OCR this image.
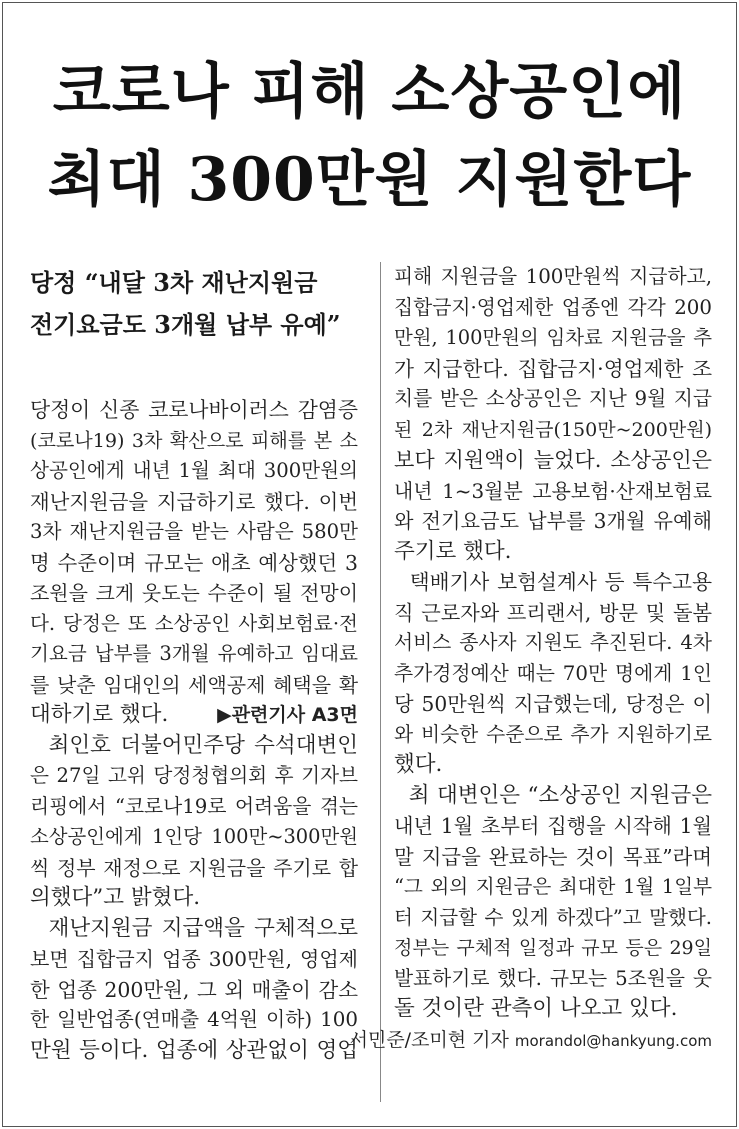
코로나 피해 소상공인에
최대 300만원 지원한다
당정 “내달 3차 재난지원금
전기요금도 3개월 납부 유예”
당정이 신종 코로나바이러스 감염증
(코로나19) 3차 확산으로 피해를 본 소
상공인에게 내년 1월 최대 300만원의
재난지원금을 지급하기로 했다. 이번
3차 재난지원금을 받는 사람은 580만
명 수준이며 규모는 애초 예상했던 3
조원을 크게 웃도는 수준이 될 전망이
다. 당정은 또 소상공인 사회보험료·전
기요금 납부를 3개월 유예하고 임대료
를 낮춘 임대인의 세액공제 혜택을 확
대하기로 했다.	▶관련기사 A3면
최인호 더불어민주당 수석대변인
은 27일 고위 당정청협의회 후 기자브
리핑에서 “코로나19로 어려움을 겪는
소상공인에게 1인당 100만~300만원
씩 정부 재정으로 지원금을 주기로 합
의했다”고 밝혔다.
재난지원금 지급액을 구체적으로
보면 집합금지 업종 300만원, 영업제
한 업종 200만원, 그 외 매출이 감소
한 일반업종(연매출 4억원 이하) 100
만원 등이다. 업종에 상관없이 영업
피해 지원금을 100만원씩 지급하고,
집합금지·영업제한 업종엔 각각 200
만원, 100만원의 임차료 지원금을 추
가 지급한다. 집합금지·영업제한 조
치를 받은 소상공인은 지난 9월 지급
된 2차 재난지원금(150만~200만원)
보다 지원액이 늘었다. 소상공인은
내년 1~3월분 고용보험·산재보험료
와 전기요금도 납부를 3개월 유예해
주기로 했다.
택배기사 보험설계사 등 특수고용
직 근로자와 프리랜서, 방문 및 돌봄
서비스 종사자 지원도 추진된다. 4차
추가경정예산 때는 70만 명에게 1인
당 50만원씩 지급했는데, 당정은 이
와 비슷한 수준으로 추가 지원하기로
했다.
최 대변인은 “소상공인 지원금은
내년 1월 초부터 집행을 시작해 1월
말 지급을 완료하는 것이 목표”라며
“그 외의 지원금은 최대한 1월 1일부
터 지급할 수 있게 하겠다”고 말했다.
정부는 구체적 일정과 규모 등은 29일
발표하기로 했다. 규모는 5조원을 웃
돌 것이란 관측이 나오고 있다.
서민준/조미현 기자 morandol@hankyung.com
